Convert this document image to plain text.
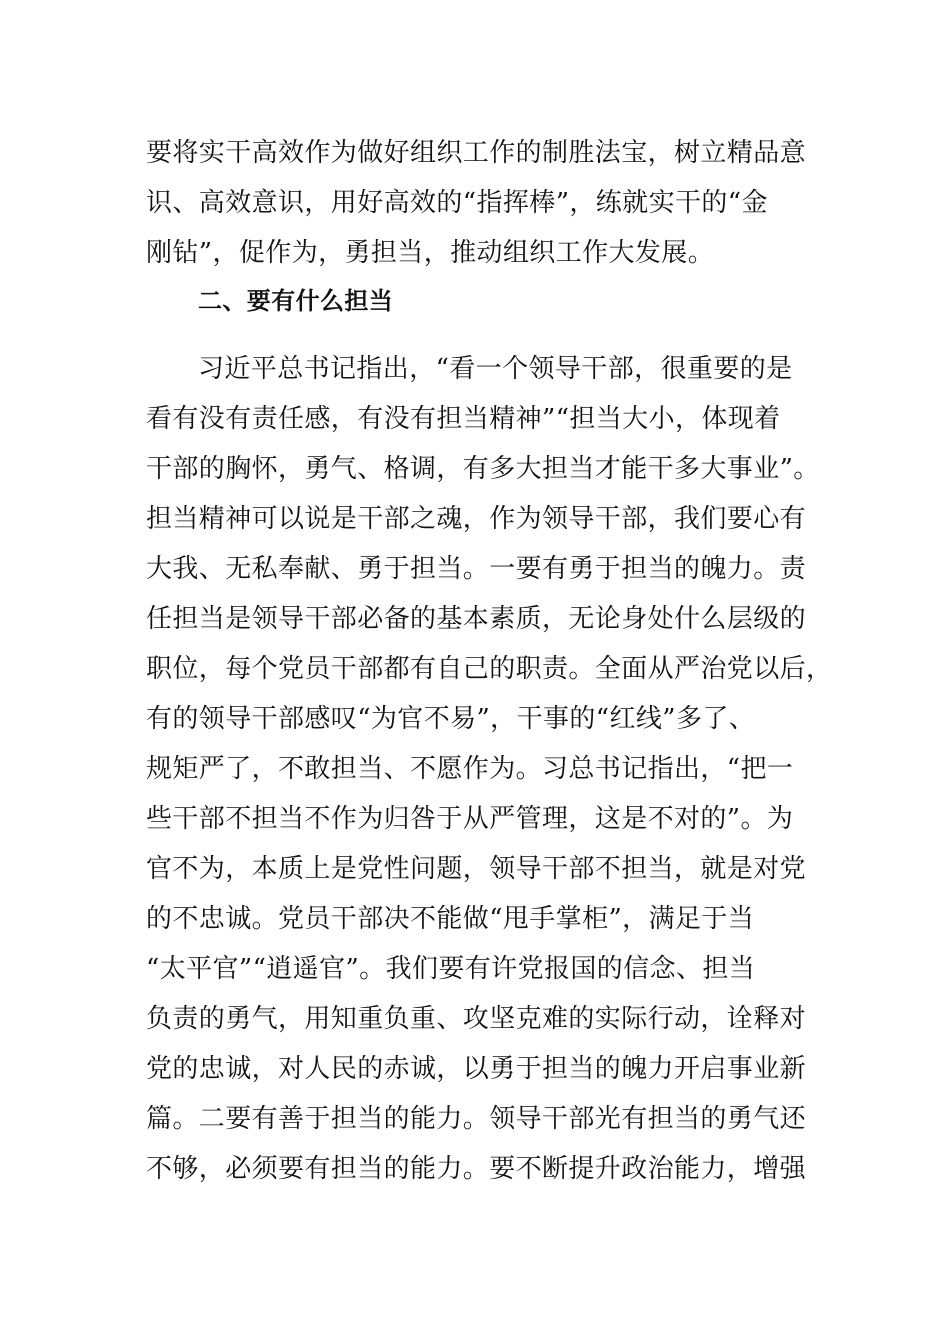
要将实干高效作为做好组织工作的制胜法宝，树立精品意
识、高效意识，用好高效的“指挥棒”，练就实干的“金
刚钻”，促作为，勇担当，推动组织工作大发展。
二、要有什么担当
习近平总书记指出，“看一个领导干部，很重要的是
看有没有责任感，有没有担当精神”“担当大小，体现着
干部的胸怀，勇气、格调，有多大担当才能干多大事业”。
担当精神可以说是干部之魂，作为领导干部，我们要心有
大我、无私奉献、勇于担当。一要有勇于担当的魄力。责
任担当是领导干部必备的基本素质，无论身处什么层级的
职位，每个党员干部都有自己的职责。全面从严治党以后，
有的领导干部感叹“为官不易”，干事的“红线”多了、
规矩严了，不敢担当、不愿作为。习总书记指出，“把一
些干部不担当不作为归咎于从严管理，这是不对的”。为
官不为，本质上是党性问题，领导干部不担当，就是对党
的不忠诚。党员干部决不能做“甩手掌柜”，满足于当
“太平官”“逍遥官”。我们要有许党报国的信念、担当
负责的勇气，用知重负重、攻坚克难的实际行动，诠释对
党的忠诚，对人民的赤诚，以勇于担当的魄力开启事业新
篇。二要有善于担当的能力。领导干部光有担当的勇气还
不够，必须要有担当的能力。要不断提升政治能力，增强
